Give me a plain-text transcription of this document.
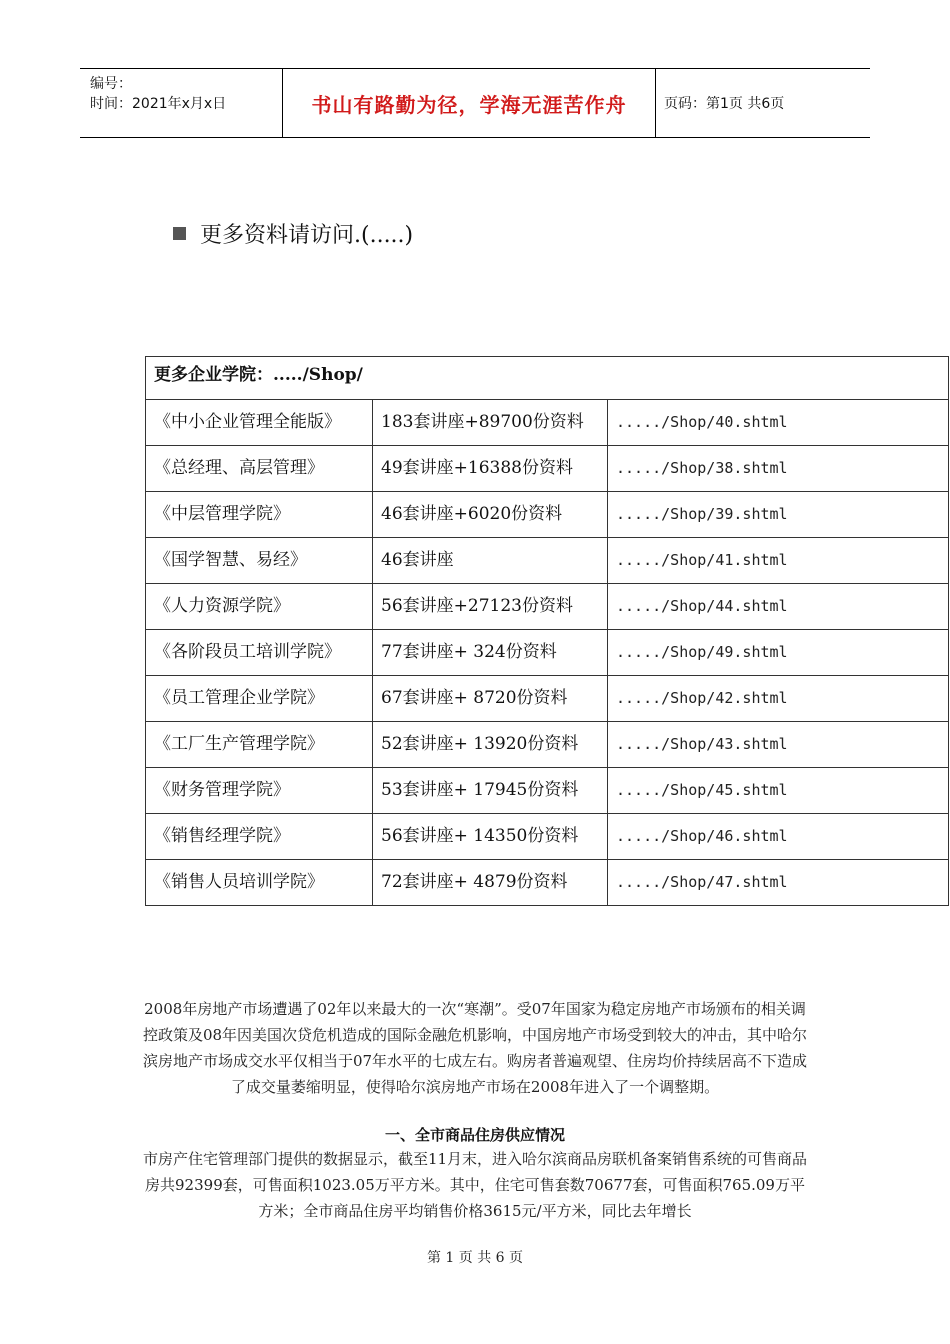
编号：
时间：2021年x月x日	书山有路勤为径，学海无涯苦作舟	页码：第1页 共6页
更多资料请访问.(.....)
更多企业学院：...../Shop/		
《中小企业管理全能版》	183套讲座+89700份资料	...../Shop/40.shtml
《总经理、高层管理》	49套讲座+16388份资料	...../Shop/38.shtml
《中层管理学院》	46套讲座+6020份资料	...../Shop/39.shtml
《国学智慧、易经》	46套讲座	...../Shop/41.shtml
《人力资源学院》	56套讲座+27123份资料	...../Shop/44.shtml
《各阶段员工培训学院》	77套讲座+ 324份资料	...../Shop/49.shtml
《员工管理企业学院》	67套讲座+ 8720份资料	...../Shop/42.shtml
《工厂生产管理学院》	52套讲座+ 13920份资料	...../Shop/43.shtml
《财务管理学院》	53套讲座+ 17945份资料	...../Shop/45.shtml
《销售经理学院》	56套讲座+ 14350份资料	...../Shop/46.shtml
《销售人员培训学院》	72套讲座+ 4879份资料	...../Shop/47.shtml
2008年房地产市场遭遇了02年以来最大的一次“寒潮”。受07年国家为稳定房地产市场颁布的相关调控政策及08年因美国次贷危机造成的国际金融危机影响，中国房地产市场受到较大的冲击，其中哈尔滨房地产市场成交水平仅相当于07年水平的七成左右。购房者普遍观望、住房均价持续居高不下造成了成交量萎缩明显，使得哈尔滨房地产市场在2008年进入了一个调整期。
一、全市商品住房供应情况
市房产住宅管理部门提供的数据显示，截至11月末，进入哈尔滨商品房联机备案销售系统的可售商品房共92399套，可售面积1023.05万平方米。其中，住宅可售套数70677套，可售面积765.09万平方米；全市商品住房平均销售价格3615元/平方米，同比去年增长
第 1 页 共 6 页
